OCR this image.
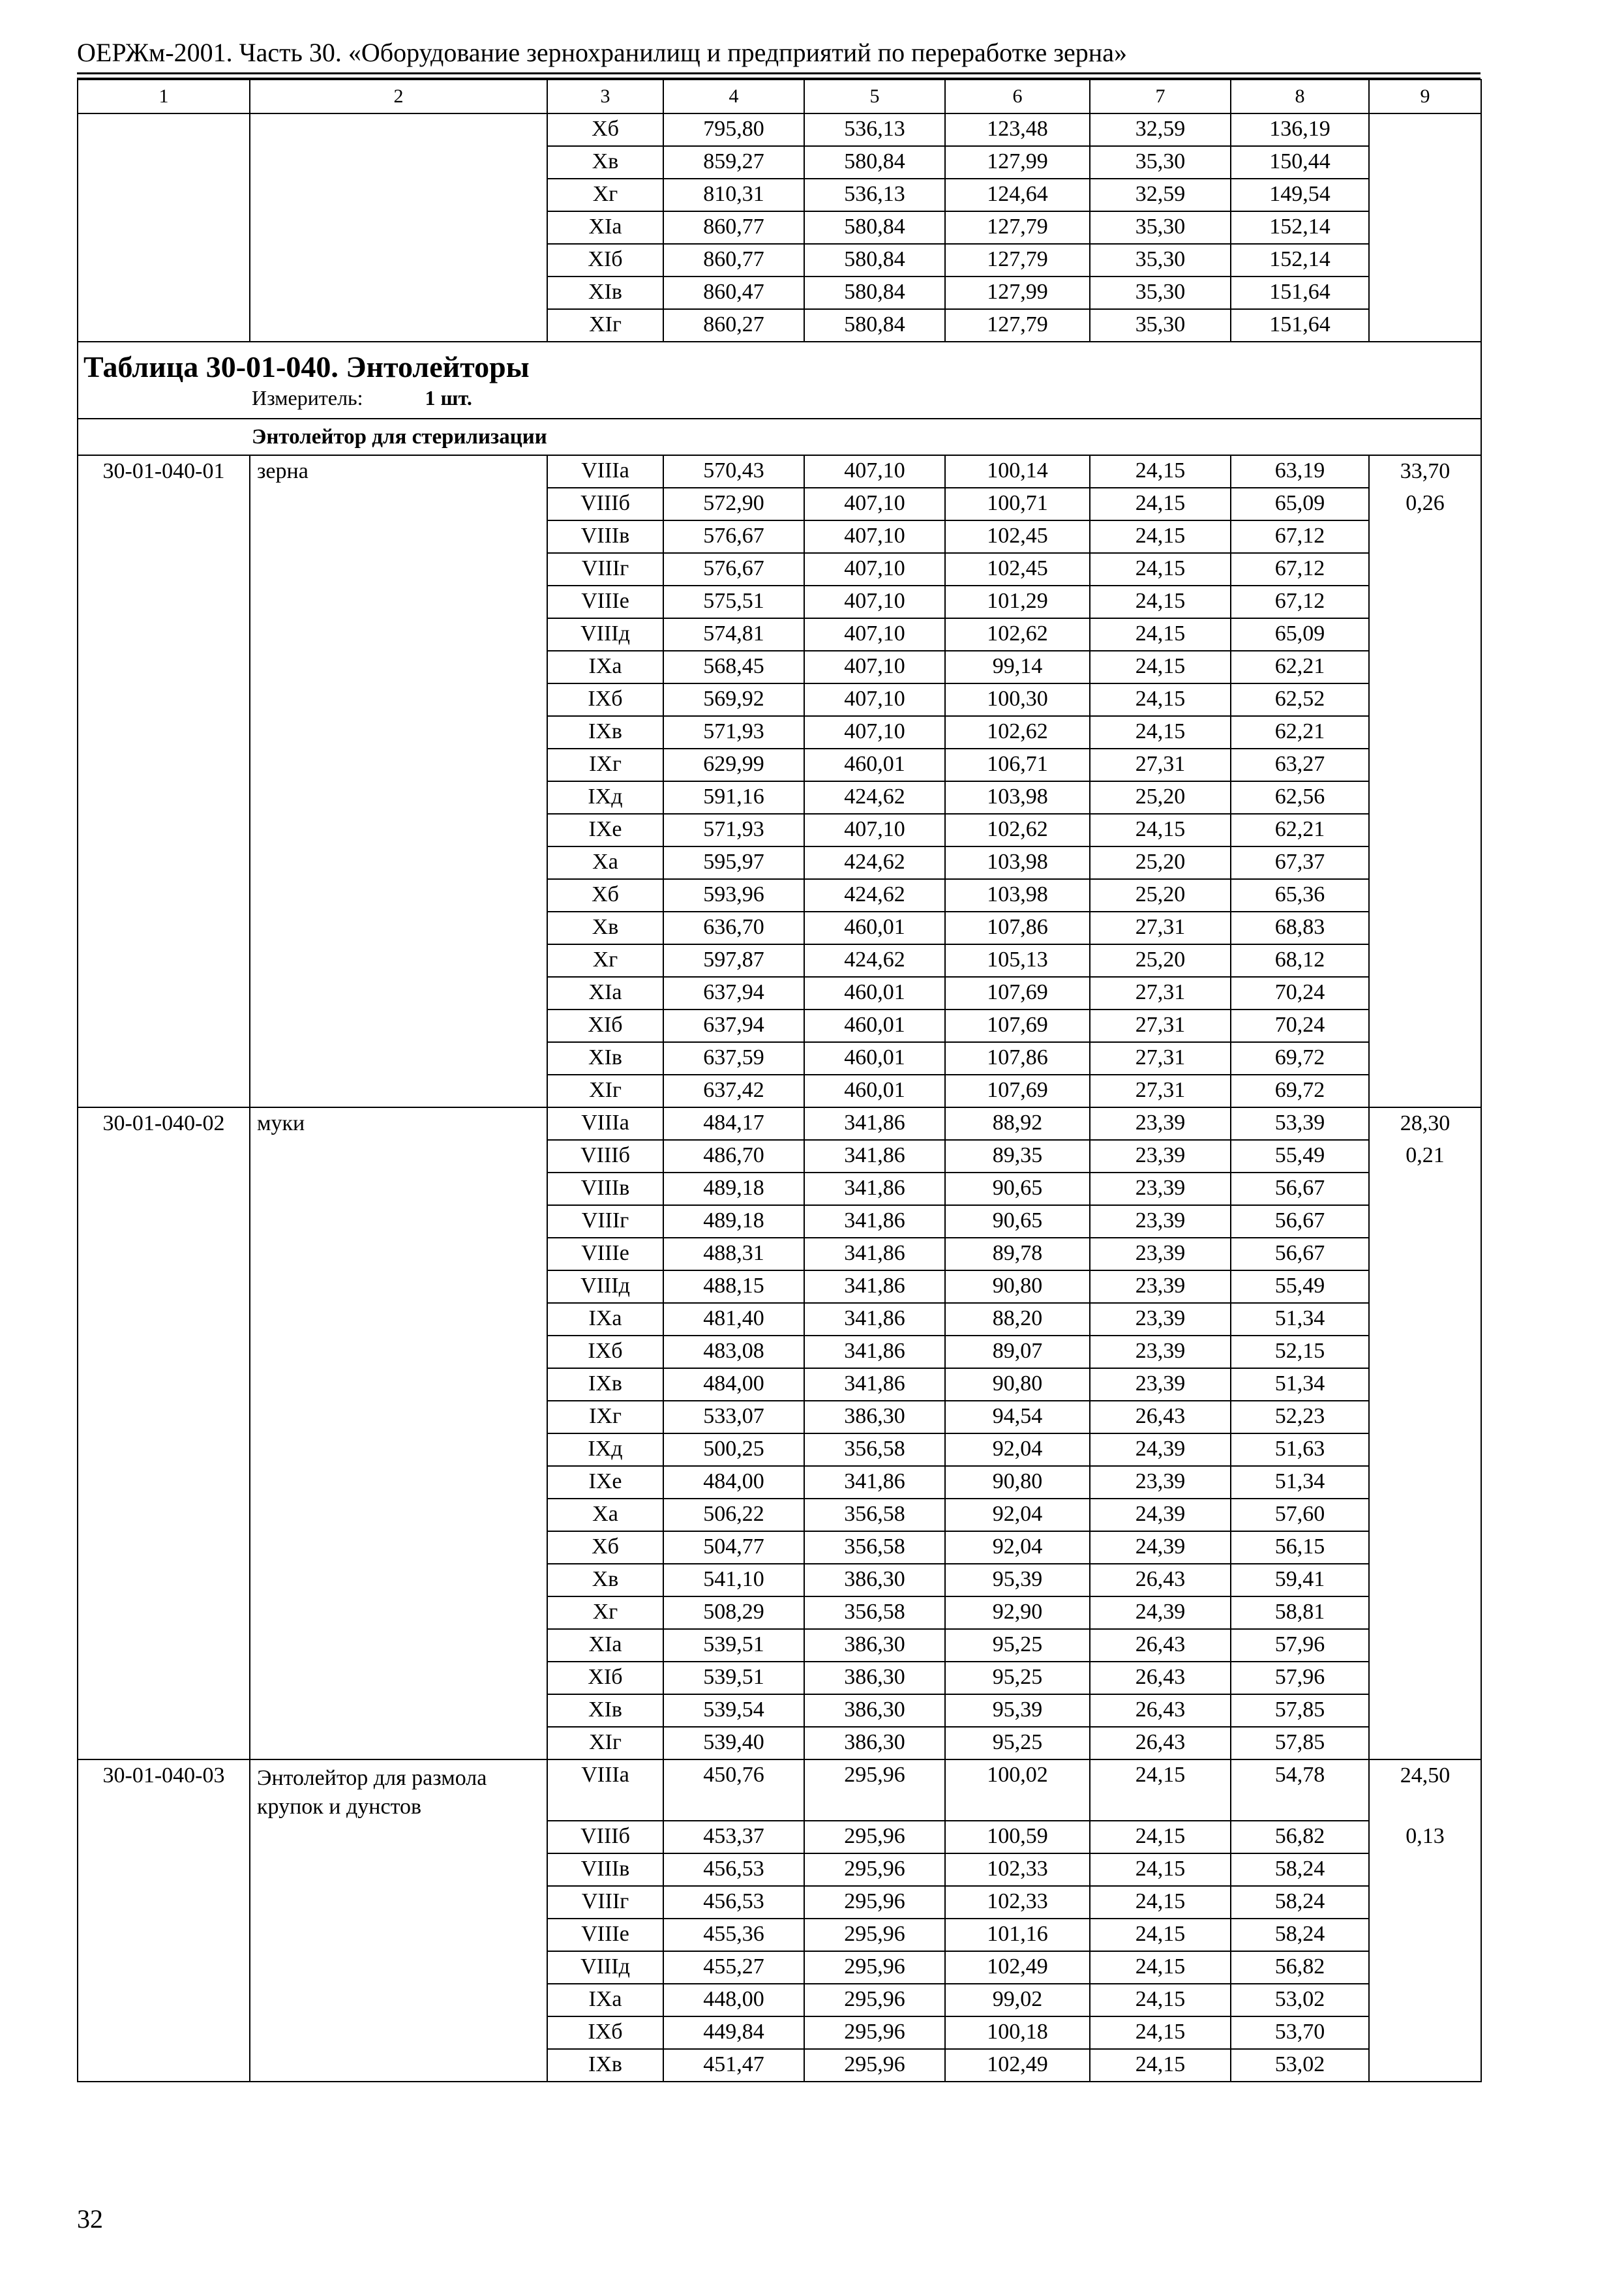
ОЕРЖм-2001. Часть 30. «Оборудование зернохранилищ и предприятий по переработке зерна»
1	2	3	4	5	6	7	8	9
		Хб	795,80	536,13	123,48	32,59	136,19	
		Хв	859,27	580,84	127,99	35,30	150,44	
		Хг	810,31	536,13	124,64	32,59	149,54	
		ХIа	860,77	580,84	127,79	35,30	152,14	
		ХIб	860,77	580,84	127,79	35,30	152,14	
		ХIв	860,47	580,84	127,99	35,30	151,64	
		ХIг	860,27	580,84	127,79	35,30	151,64	

Таблица 30-01-040. Энтолейторы
Измеритель: 1 шт.								

Энтолейтор для стерилизации								
30-01-040-01	зерна	VIIIа	570,43	407,10	100,14	24,15	63,19	33,70
		VIIIб	572,90	407,10	100,71	24,15	65,09	0,26
		VIIIв	576,67	407,10	102,45	24,15	67,12	
		VIIIг	576,67	407,10	102,45	24,15	67,12	
		VIIIе	575,51	407,10	101,29	24,15	67,12	
		VIIIд	574,81	407,10	102,62	24,15	65,09	
		IХа	568,45	407,10	99,14	24,15	62,21	
		IХб	569,92	407,10	100,30	24,15	62,52	
		IХв	571,93	407,10	102,62	24,15	62,21	
		IХг	629,99	460,01	106,71	27,31	63,27	
		IХд	591,16	424,62	103,98	25,20	62,56	
		IХе	571,93	407,10	102,62	24,15	62,21	
		Ха	595,97	424,62	103,98	25,20	67,37	
		Хб	593,96	424,62	103,98	25,20	65,36	
		Хв	636,70	460,01	107,86	27,31	68,83	
		Хг	597,87	424,62	105,13	25,20	68,12	
		ХIа	637,94	460,01	107,69	27,31	70,24	
		ХIб	637,94	460,01	107,69	27,31	70,24	
		ХIв	637,59	460,01	107,86	27,31	69,72	
		ХIг	637,42	460,01	107,69	27,31	69,72	
30-01-040-02	муки	VIIIа	484,17	341,86	88,92	23,39	53,39	28,30
		VIIIб	486,70	341,86	89,35	23,39	55,49	0,21
		VIIIв	489,18	341,86	90,65	23,39	56,67	
		VIIIг	489,18	341,86	90,65	23,39	56,67	
		VIIIе	488,31	341,86	89,78	23,39	56,67	
		VIIIд	488,15	341,86	90,80	23,39	55,49	
		IХа	481,40	341,86	88,20	23,39	51,34	
		IХб	483,08	341,86	89,07	23,39	52,15	
		IХв	484,00	341,86	90,80	23,39	51,34	
		IХг	533,07	386,30	94,54	26,43	52,23	
		IХд	500,25	356,58	92,04	24,39	51,63	
		IХе	484,00	341,86	90,80	23,39	51,34	
		Ха	506,22	356,58	92,04	24,39	57,60	
		Хб	504,77	356,58	92,04	24,39	56,15	
		Хв	541,10	386,30	95,39	26,43	59,41	
		Хг	508,29	356,58	92,90	24,39	58,81	
		ХIа	539,51	386,30	95,25	26,43	57,96	
		ХIб	539,51	386,30	95,25	26,43	57,96	
		ХIв	539,54	386,30	95,39	26,43	57,85	
		ХIг	539,40	386,30	95,25	26,43	57,85	
30-01-040-03	Энтолейтор для размола крупок и дунстов	VIIIа	450,76	295,96	100,02	24,15	54,78	24,50
		VIIIб	453,37	295,96	100,59	24,15	56,82	0,13
		VIIIв	456,53	295,96	102,33	24,15	58,24	
		VIIIг	456,53	295,96	102,33	24,15	58,24	
		VIIIе	455,36	295,96	101,16	24,15	58,24	
		VIIIд	455,27	295,96	102,49	24,15	56,82	
		IХа	448,00	295,96	99,02	24,15	53,02	
		IХб	449,84	295,96	100,18	24,15	53,70	
		IХв	451,47	295,96	102,49	24,15	53,02	
32
